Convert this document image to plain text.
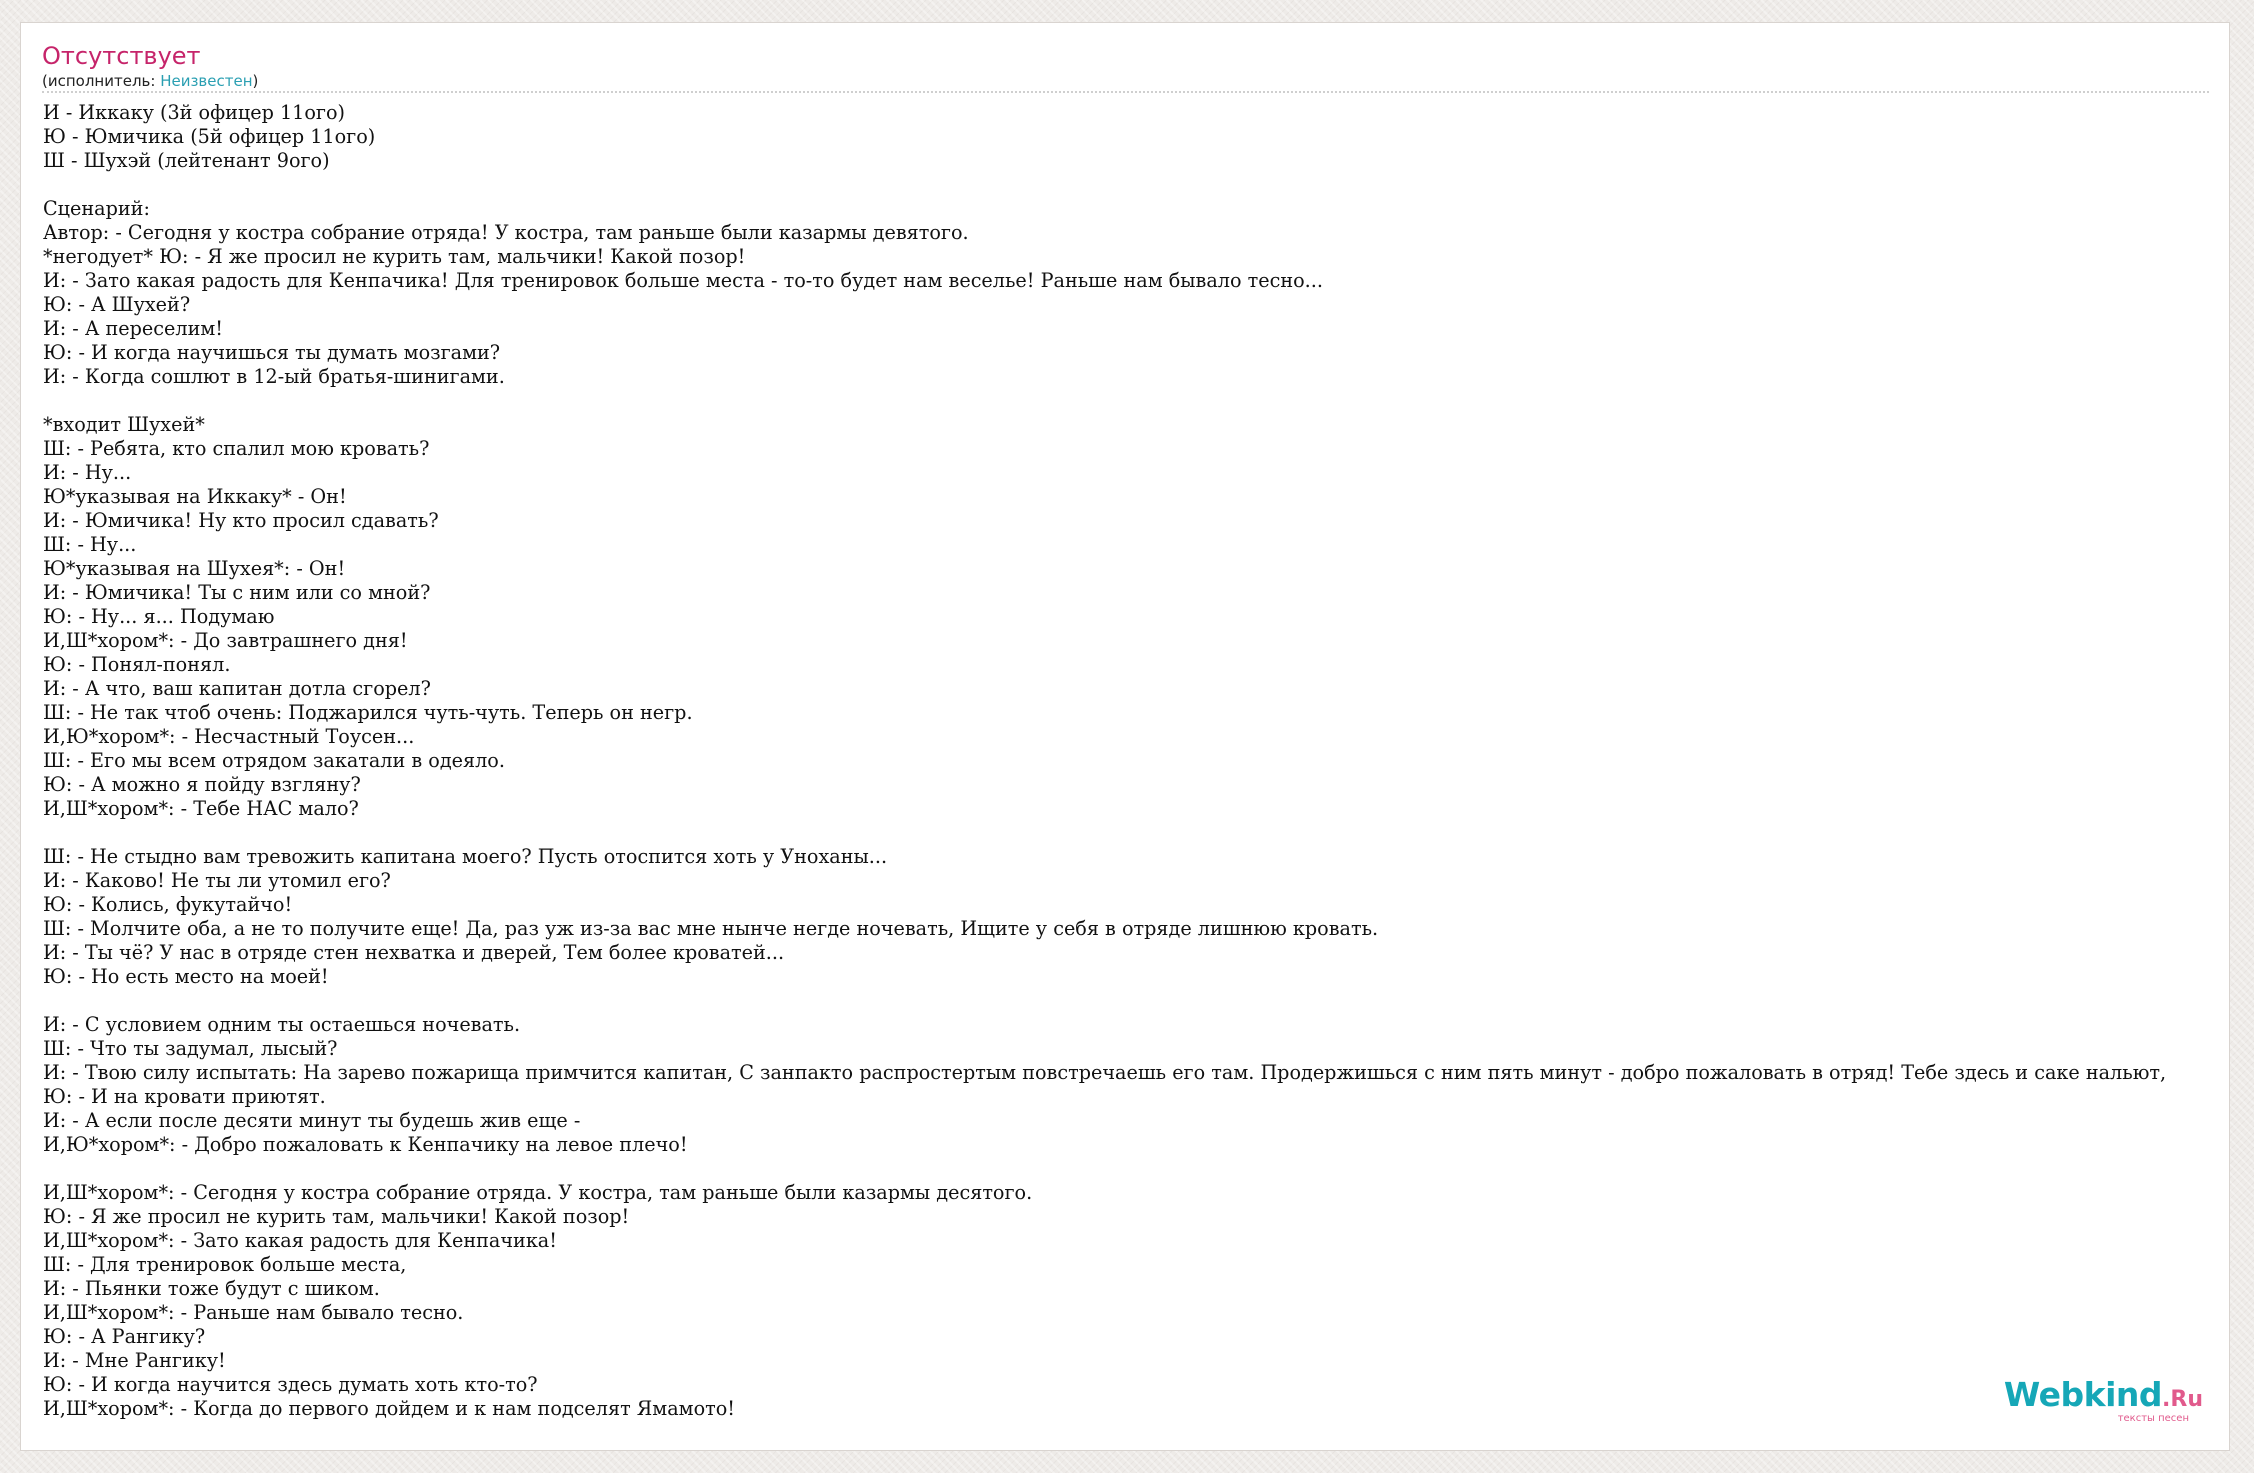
Отсутствует
(исполнитель: Неизвестен)
И - Иккаку (3й офицер 11ого)
Ю - Юмичика (5й офицер 11ого)
Ш - Шухэй (лейтенант 9ого)
Сценарий:
Автор: - Сегодня у костра собрание отряда! У костра, там раньше были казармы девятого.
*негодует* Ю: - Я же просил не курить там, мальчики! Какой позор!
И: - Зато какая радость для Кенпачика! Для тренировок больше места - то-то будет нам веселье! Раньше нам бывало тесно...
Ю: - А Шухей?
И: - А переселим!
Ю: - И когда научишься ты думать мозгами?
И: - Когда сошлют в 12-ый братья-шинигами.
*входит Шухей*
Ш: - Ребята, кто спалил мою кровать?
И: - Ну...
Ю*указывая на Иккаку* - Он!
И: - Юмичика! Ну кто просил сдавать?
Ш: - Ну...
Ю*указывая на Шухея*: - Он!
И: - Юмичика! Ты с ним или со мной?
Ю: - Ну... я... Подумаю
И,Ш*хором*: - До завтрашнего дня!
Ю: - Понял-понял.
И: - А что, ваш капитан дотла сгорел?
Ш: - Не так чтоб очень: Поджарился чуть-чуть. Теперь он негр.
И,Ю*хором*: - Несчастный Тоусен...
Ш: - Его мы всем отрядом закатали в одеяло.
Ю: - А можно я пойду взгляну?
И,Ш*хором*: - Тебе НАС мало?
Ш: - Не стыдно вам тревожить капитана моего? Пусть отоспится хоть у Уноханы...
И: - Каково! Не ты ли утомил его?
Ю: - Колись, фукутайчо!
Ш: - Молчите оба, а не то получите еще! Да, раз уж из-за вас мне нынче негде ночевать, Ищите у себя в отряде лишнюю кровать.
И: - Ты чё? У нас в отряде стен нехватка и дверей, Тем более кроватей...
Ю: - Но есть место на моей!
И: - С условием одним ты остаешься ночевать.
Ш: - Что ты задумал, лысый?
И: - Твою силу испытать: На зарево пожарища примчится капитан, С занпакто распростертым повстречаешь его там. Продержишься с ним пять минут - добро пожаловать в отряд! Тебе здесь и саке нальют,
Ю: - И на кровати приютят.
И: - А если после десяти минут ты будешь жив еще -
И,Ю*хором*: - Добро пожаловать к Кенпачику на левое плечо!
И,Ш*хором*: - Сегодня у костра собрание отряда. У костра, там раньше были казармы десятого.
Ю: - Я же просил не курить там, мальчики! Какой позор!
И,Ш*хором*: - Зато какая радость для Кенпачика!
Ш: - Для тренировок больше места,
И: - Пьянки тоже будут с шиком.
И,Ш*хором*: - Раньше нам бывало тесно.
Ю: - А Рангику?
И: - Мне Рангику!
Ю: - И когда научится здесь думать хоть кто-то?
И,Ш*хором*: - Когда до первого дойдем и к нам подселят Ямамото!	Webkind.Ru
тексты песен
